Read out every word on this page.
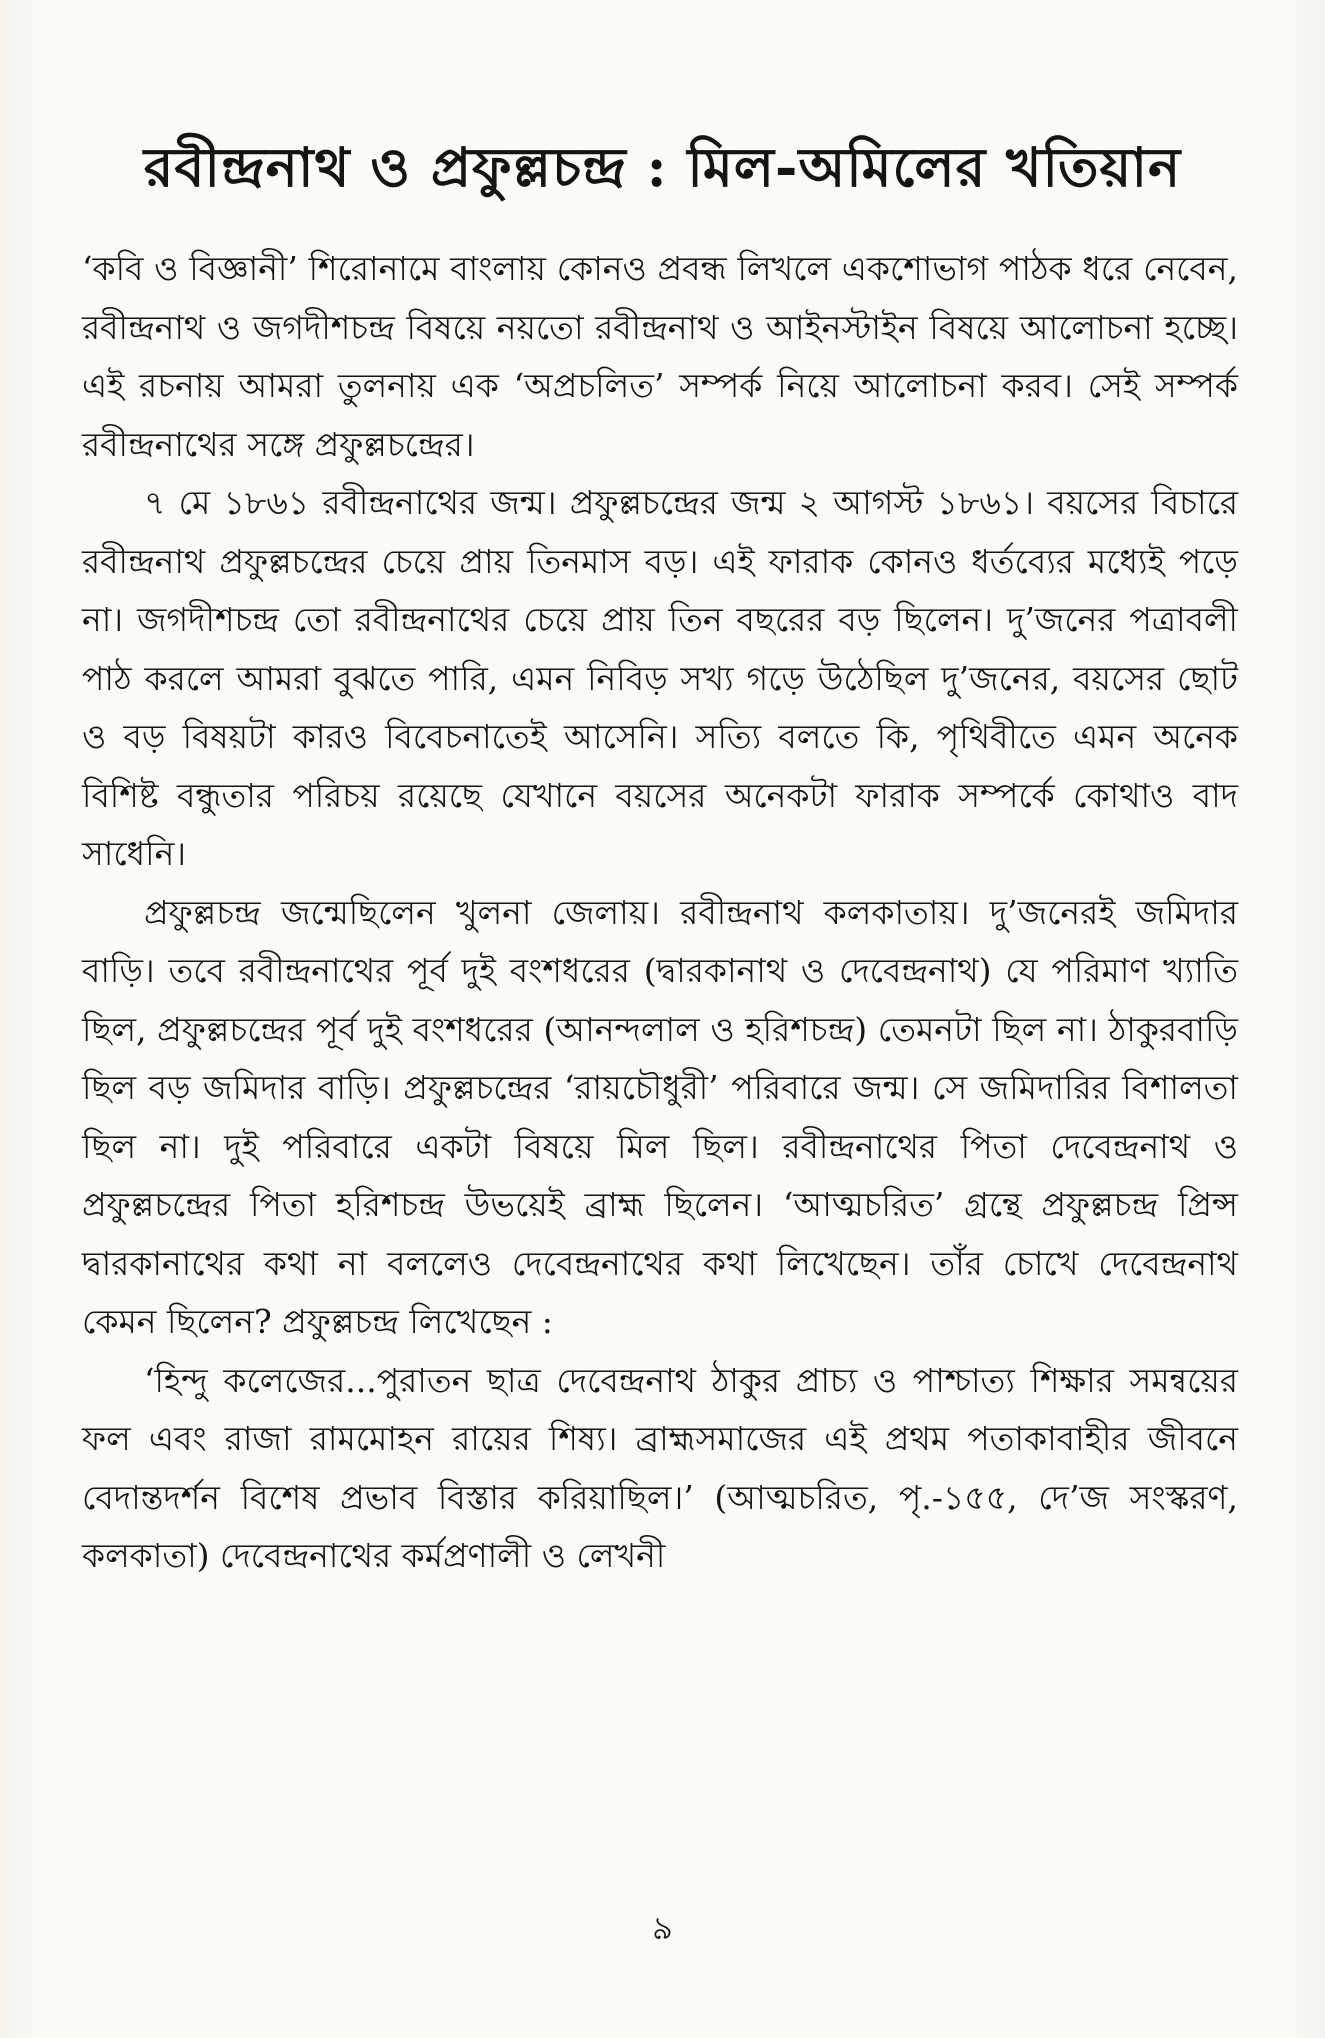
রবীন্দ্রনাথ ও প্রফুল্লচন্দ্র : মিল-অমিলের খতিয়ান

‘কবি ও বিজ্ঞানী’ শিরোনামে বাংলায় কোনও প্রবন্ধ লিখলে একশোভাগ পাঠক ধরে নেবেন, রবীন্দ্রনাথ ও জগদীশচন্দ্র বিষয়ে নয়তো রবীন্দ্রনাথ ও আইনস্টাইন বিষয়ে আলোচনা হচ্ছে। এই রচনায় আমরা তুলনায় এক ‘অপ্রচলিত’ সম্পর্ক নিয়ে আলোচনা করব। সেই সম্পর্ক রবীন্দ্রনাথের সঙ্গে প্রফুল্লচন্দ্রের।

৭ মে ১৮৬১ রবীন্দ্রনাথের জন্ম। প্রফুল্লচন্দ্রের জন্ম ২ আগস্ট ১৮৬১। বয়সের বিচারে রবীন্দ্রনাথ প্রফুল্লচন্দ্রের চেয়ে প্রায় তিনমাস বড়। এই ফারাক কোনও ধর্তব্যের মধ্যেই পড়ে না। জগদীশচন্দ্র তো রবীন্দ্রনাথের চেয়ে প্রায় তিন বছরের বড় ছিলেন। দু’জনের পত্রাবলী পাঠ করলে আমরা বুঝতে পারি, এমন নিবিড় সখ্য গড়ে উঠেছিল দু’জনের, বয়সের ছোট ও বড় বিষয়টা কারও বিবেচনাতেই আসেনি। সত্যি বলতে কি, পৃথিবীতে এমন অনেক বিশিষ্ট বন্ধুতার পরিচয় রয়েছে যেখানে বয়সের অনেকটা ফারাক সম্পর্কে কোথাও বাদ সাধেনি।

প্রফুল্লচন্দ্র জন্মেছিলেন খুলনা জেলায়। রবীন্দ্রনাথ কলকাতায়। দু’জনেরই জমিদার বাড়ি। তবে রবীন্দ্রনাথের পূর্ব দুই বংশধরের (দ্বারকানাথ ও দেবেন্দ্রনাথ) যে পরিমাণ খ্যাতি ছিল, প্রফুল্লচন্দ্রের পূর্ব দুই বংশধরের (আনন্দলাল ও হরিশচন্দ্র) তেমনটা ছিল না। ঠাকুরবাড়ি ছিল বড় জমিদার বাড়ি। প্রফুল্লচন্দ্রের ‘রায়চৌধুরী’ পরিবারে জন্ম। সে জমিদারির বিশালতা ছিল না। দুই পরিবারে একটা বিষয়ে মিল ছিল। রবীন্দ্রনাথের পিতা দেবেন্দ্রনাথ ও প্রফুল্লচন্দ্রের পিতা হরিশচন্দ্র উভয়েই ব্রাহ্ম ছিলেন। ‘আত্মচরিত’ গ্রন্থে প্রফুল্লচন্দ্র প্রিন্স দ্বারকানাথের কথা না বললেও দেবেন্দ্রনাথের কথা লিখেছেন। তাঁর চোখে দেবেন্দ্রনাথ কেমন ছিলেন? প্রফুল্লচন্দ্র লিখেছেন :

‘হিন্দু কলেজের...পুরাতন ছাত্র দেবেন্দ্রনাথ ঠাকুর প্রাচ্য ও পাশ্চাত্য শিক্ষার সমন্বয়ের ফল এবং রাজা রামমোহন রায়ের শিষ্য। ব্রাহ্মসমাজের এই প্রথম পতাকাবাহীর জীবনে বেদান্তদর্শন বিশেষ প্রভাব বিস্তার করিয়াছিল।’ (আত্মচরিত, পৃ.-১৫৫, দে’জ সংস্করণ, কলকাতা) দেবেন্দ্রনাথের কর্মপ্রণালী ও লেখনী

৯
